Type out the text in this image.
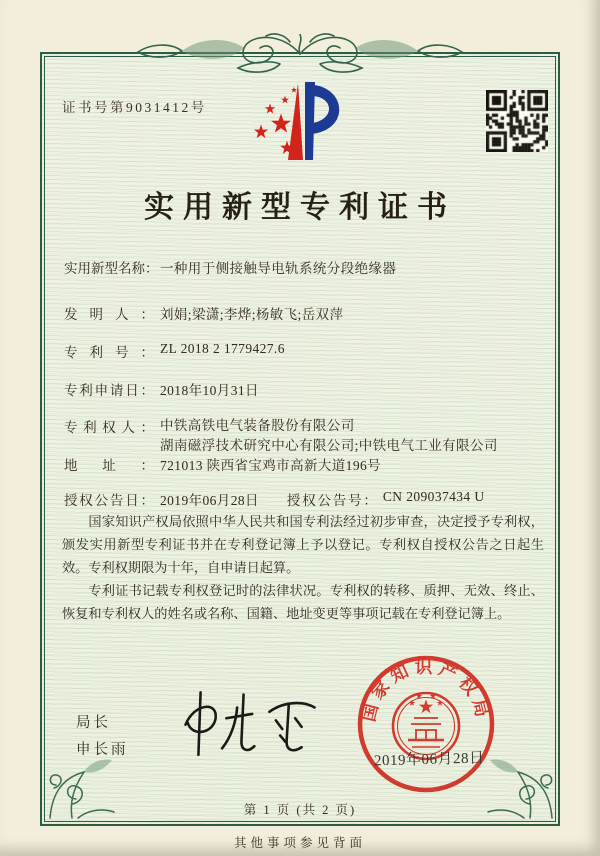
证书号第9031412号
实用新型专利证书
实用新型名称： 一种用于侧接触导电轨系统分段绝缘器
发明人： 刘娟;梁潇;李烨;杨敏飞;岳双萍
专利号： ZL 2018 2 1779427.6
专利申请日： 2018年10月31日
专利权人： 中铁高铁电气装备股份有限公司
湖南磁浮技术研究中心有限公司;中铁电气工业有限公司
地址： 721013 陕西省宝鸡市高新大道196号
授权公告日： 2019年06月28日 授权公告号： CN 209037434 U

国家知识产权局依照中华人民共和国专利法经过初步审查，决定授予专利权，颁发实用新型专利证书并在专利登记簿上予以登记。专利权自授权公告之日起生效。专利权期限为十年，自申请日起算。

专利证书记载专利权登记时的法律状况。专利权的转移、质押、无效、终止、恢复和专利权人的姓名或名称、国籍、地址变更等事项记载在专利登记簿上。

局长
申长雨
国家知识产权局
2019年06月28日
第 1 页 (共 2 页)
其他事项参见背面
